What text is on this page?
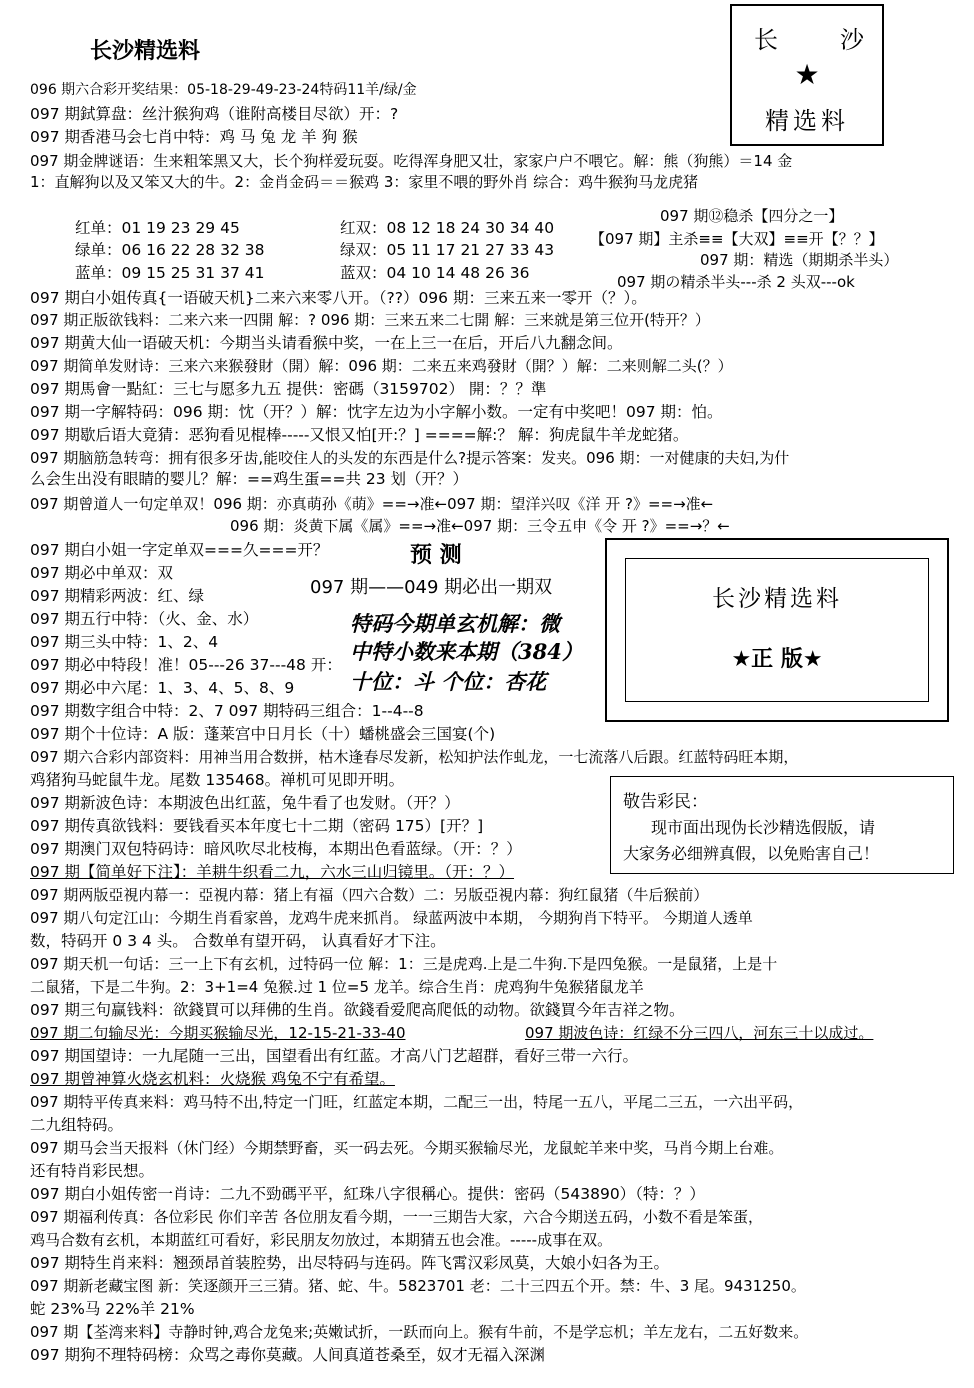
长沙精选料	长	沙
★
精选料
096 期六合彩开奖结果：05-18-29-49-23-24特码11羊/绿/金
097 期鉽算盘：丝汁猴狗鸡（谁附高楼目尽欲）开：?
097 期香港马会七肖中特：鸡 马 兔 龙 羊 狗 猴
097 期金牌谜语：生来粗笨黑又大，长个狗样爱玩耍。吃得浑身肥又壮，家家户户不喂它。解：熊（狗熊）＝14 金
1：直解狗以及又笨又大的牛。2：金肖金码＝＝猴鸡 3：家里不喂的野外肖 综合：鸡牛猴狗马龙虎猪
红单：01 19 23 29 45	红双：08 12 18 24 30 34 40
绿单：06 16 22 28 32 38	绿双：05 11 17 21 27 33 43
蓝单：09 15 25 31 37 41	蓝双：04 10 14 48 26 36
097 期⑫稳杀【四分之一】
【097 期】主杀≡≡【大双】≡≡开【？？】
097 期：精选（期期杀半头）
097 期の精杀半头---杀 2 头双---ok
097 期白小姐传真{一语破天机}二来六来零八开。（??）096 期：三来五来一零开（？）。
097 期正版欲钱料：二来六来一四開 解：? 096 期：三来五来二七開 解：三来就是第三位开(特开？）
097 期黄大仙一语破天机：今期当头请看猴中奖，一在上三一在后，开后八九翻念间。
097 期简单发财诗：三来六来猴發財（開）解：096 期：二来五来鸡發財（開？）解：二来则解二头(？）
097 期馬會一點紅：三七与愿多九五 提供：密碼（3159702） 開：？？準
097 期一字解特码：096 期：忱（开？）解：忱字左边为小字解小数。一定有中奖吧！097 期：怕。
097 期歇后语大竟猜：恶狗看见棍棒-----又恨又怕[开:？] ====解:？ 解：狗虎鼠牛羊龙蛇猪。
097 期脑筋急转弯：拥有很多牙齿,能咬住人的头发的东西是什么?提示答案：发夹。096 期：一对健康的夫妇,为什
么会生出没有眼睛的婴儿？解：==鸡生蛋==共 23 划（开？）
097 期曾道人一句定单双！096 期：亦真萌孙《萌》==→准←097 期：望洋兴叹《洋 开 ?》==→准←
096 期：炎黄下属《属》==→准←097 期：三令五申《令 开 ?》==→？←
097 期白小姐一字定单双===久===开？
097 期必中单双：双
097 期精彩两波：红、绿
097 期五行中特：（火、金、水）
097 期三头中特：1、2、4
097 期必中特段！准！05---26 37---48 开：
097 期必中六尾：1、3、4、5、8、9
097 期数字组合中特：2、7 097 期特码三组合：1--4--8
097 期个十位诗：A 版：蓬莱宫中日月长（十）蟠桃盛会三国宴(个)
097 期六合彩内部资料：用神当用合数拼，枯木逢春尽发新，松知护法作虬龙，一七流落八后跟。红蓝特码旺本期，
鸡猪狗马蛇鼠牛龙。尾数 135468。禅机可见即开明。
097 期新波色诗：本期波色出红蓝，兔牛看了也发财。（开？）
097 期传真欲钱料：要钱看买本年度七十二期（密码 175）[开？]
097 期澳门双包特码诗：暗风吹尽北枝梅，本期出色看蓝绿。（开：？）
097 期【简单好下注】：羊耕牛织看二九，六水三山归镜里。（开：？）
预 测
097 期——049 期必出一期双
特码今期单玄机解：微
中特小数来本期（384）
十位：斗 个位：杏花
长沙精选料
★正 版★
敬告彩民：
现市面出现伪长沙精选假版，请
大家务必细辨真假，以免贻害自己！
097 期两版亞視内幕一：亞視内幕：猪上有福（四六合数）二：另版亞視内幕：狗红鼠猪（牛后猴前）
097 期八句定江山：今期生肖看家兽，龙鸡牛虎来抓肖。 绿蓝两波中本期， 今期狗肖下特平。 今期道人透单
数，特码开 0 3 4 头。 合数单有望开码， 认真看好才下注。
097 期天机一句话：三一上下有玄机，过特码一位 解：1：三是虎鸡.上是二牛狗.下是四兔猴。一是鼠猪，上是十
二鼠猪，下是二牛狗。2：3+1=4 兔猴.过 1 位=5 龙羊。综合生肖：虎鸡狗牛兔猴猪鼠龙羊
097 期三句赢钱料：欲錢買可以拜佛的生肖。欲錢看爱爬高爬低的动物。欲錢買今年吉祥之物。
097 期二句输尽光：今期买猴输尽光，12-15-21-33-40	097 期波色诗：红绿不分三四八，河东三十以成过。
097 期国望诗：一九尾随一三出，国望看出有红蓝。才高八门艺超群，看好三带一六行。
097 期曾神算火烧玄机料：火烧猴 鸡兔不宁有希望。
097 期特平传真来料：鸡马特不出,特定一门旺，红蓝定本期，二配三一出，特尾一五八，平尾二三五，一六出平码，
二九组特码。
097 期马会当天报料（休门经）今期禁野畜，买一码去死。今期买猴输尽光，龙鼠蛇羊来中奖，马肖今期上台难。
还有特肖彩民想。
097 期白小姐传密一肖诗：二九不勁碼平平，紅珠八字很稱心。提供：密码（543890）（特：？）
097 期福利传真：各位彩民 你们辛苦 各位朋友看今期，一一三期告大家，六合今期送五码，小数不看是笨蛋，
鸡马合数有玄机，本期蓝红可看好，彩民朋友勿放过，本期猜五也会准。-----成事在双。
097 期特生肖来料：翘颈昂首装腔势，出尽特码与连码。阵飞霄汉彩凤莫，大娘小妇各为王。
097 期新老藏宝图 新：笑逐颜开三三猜。猪、蛇、牛。5823701 老：二十三四五个开。禁：牛、3 尾。9431250。
蛇 23%马 22%羊 21%
097 期【荃湾来料】寺静时钟,鸡合龙兔来;英嫩试折，一跃而向上。猴有牛前，不是学忘机；羊左龙右，二五好数来。
097 期狗不理特码榜：众骂之毒你莫藏。人间真道苍桑至，奴才无福入深渊
